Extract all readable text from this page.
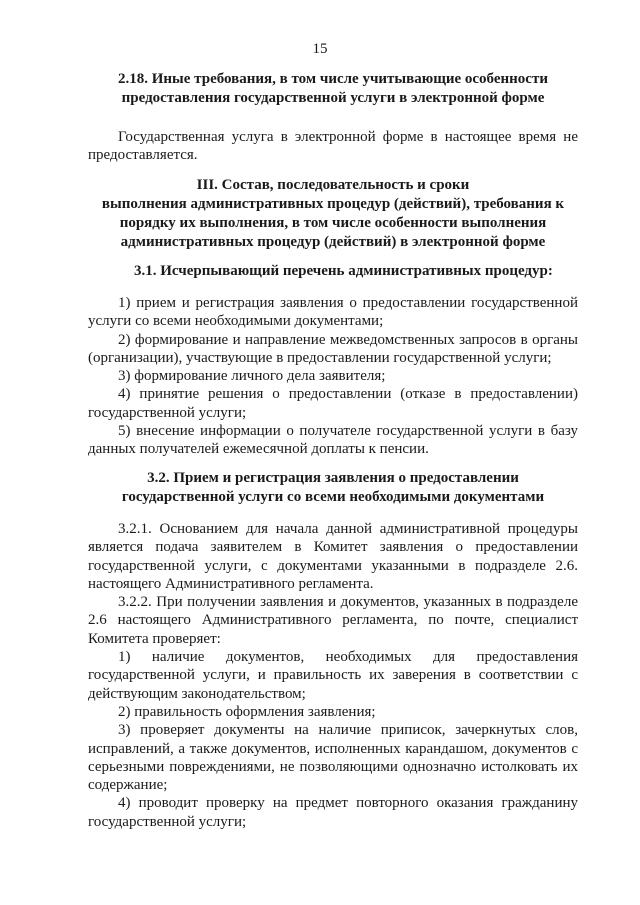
15
2.18. Иные требования, в том числе учитывающие особенности
предоставления государственной услуги в электронной форме

Государственная услуга в электронной форме в настоящее время не предоставляется.

III. Состав, последовательность и сроки
выполнения административных процедур (действий), требования к
порядку их выполнения, в том числе особенности выполнения
административных процедур (действий) в электронной форме
3.1. Исчерпывающий перечень административных процедур:

1) прием и регистрация заявления о предоставлении государственной услуги со всеми необходимыми документами;

2) формирование и направление межведомственных запросов в органы (организации), участвующие в предоставлении государственной услуги;

3) формирование личного дела заявителя;

4) принятие решения о предоставлении (отказе в предоставлении) государственной услуги;

5) внесение информации о получателе государственной услуги в базу данных получателей ежемесячной доплаты к пенсии.

3.2. Прием и регистрация заявления о предоставлении
государственной услуги со всеми необходимыми документами

3.2.1. Основанием для начала данной административной процедуры является подача заявителем в Комитет заявления о предоставлении государственной услуги, с документами указанными в подразделе 2.6. настоящего Административного регламента.

3.2.2. При получении заявления и документов, указанных в подразделе 2.6 настоящего Административного регламента, по почте, специалист Комитета проверяет:

1) наличие документов, необходимых для предоставления государственной услуги, и правильность их заверения в соответствии с действующим законодательством;

2) правильность оформления заявления;

3) проверяет документы на наличие приписок, зачеркнутых слов, исправлений, а также документов, исполненных карандашом, документов с серьезными повреждениями, не позволяющими однозначно истолковать их содержание;

4) проводит проверку на предмет повторного оказания гражданину государственной услуги;
